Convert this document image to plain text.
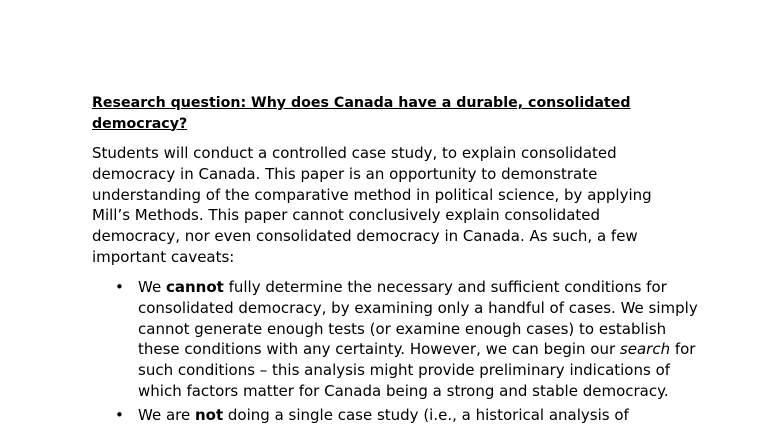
Research question: Why does Canada have a durable, consolidated democracy?
Students will conduct a controlled case study, to explain consolidated democracy in Canada. This paper is an opportunity to demonstrate understanding of the comparative method in political science, by applying Mill’s Methods. This paper cannot conclusively explain consolidated democracy, nor even consolidated democracy in Canada. As such, a few important caveats:
• We cannot fully determine the necessary and sufficient conditions for consolidated democracy, by examining only a handful of cases. We simply cannot generate enough tests (or examine enough cases) to establish these conditions with any certainty. However, we can begin our search for such conditions – this analysis might provide preliminary indications of which factors matter for Canada being a strong and stable democracy.
• We are not doing a single case study (i.e., a historical analysis of
